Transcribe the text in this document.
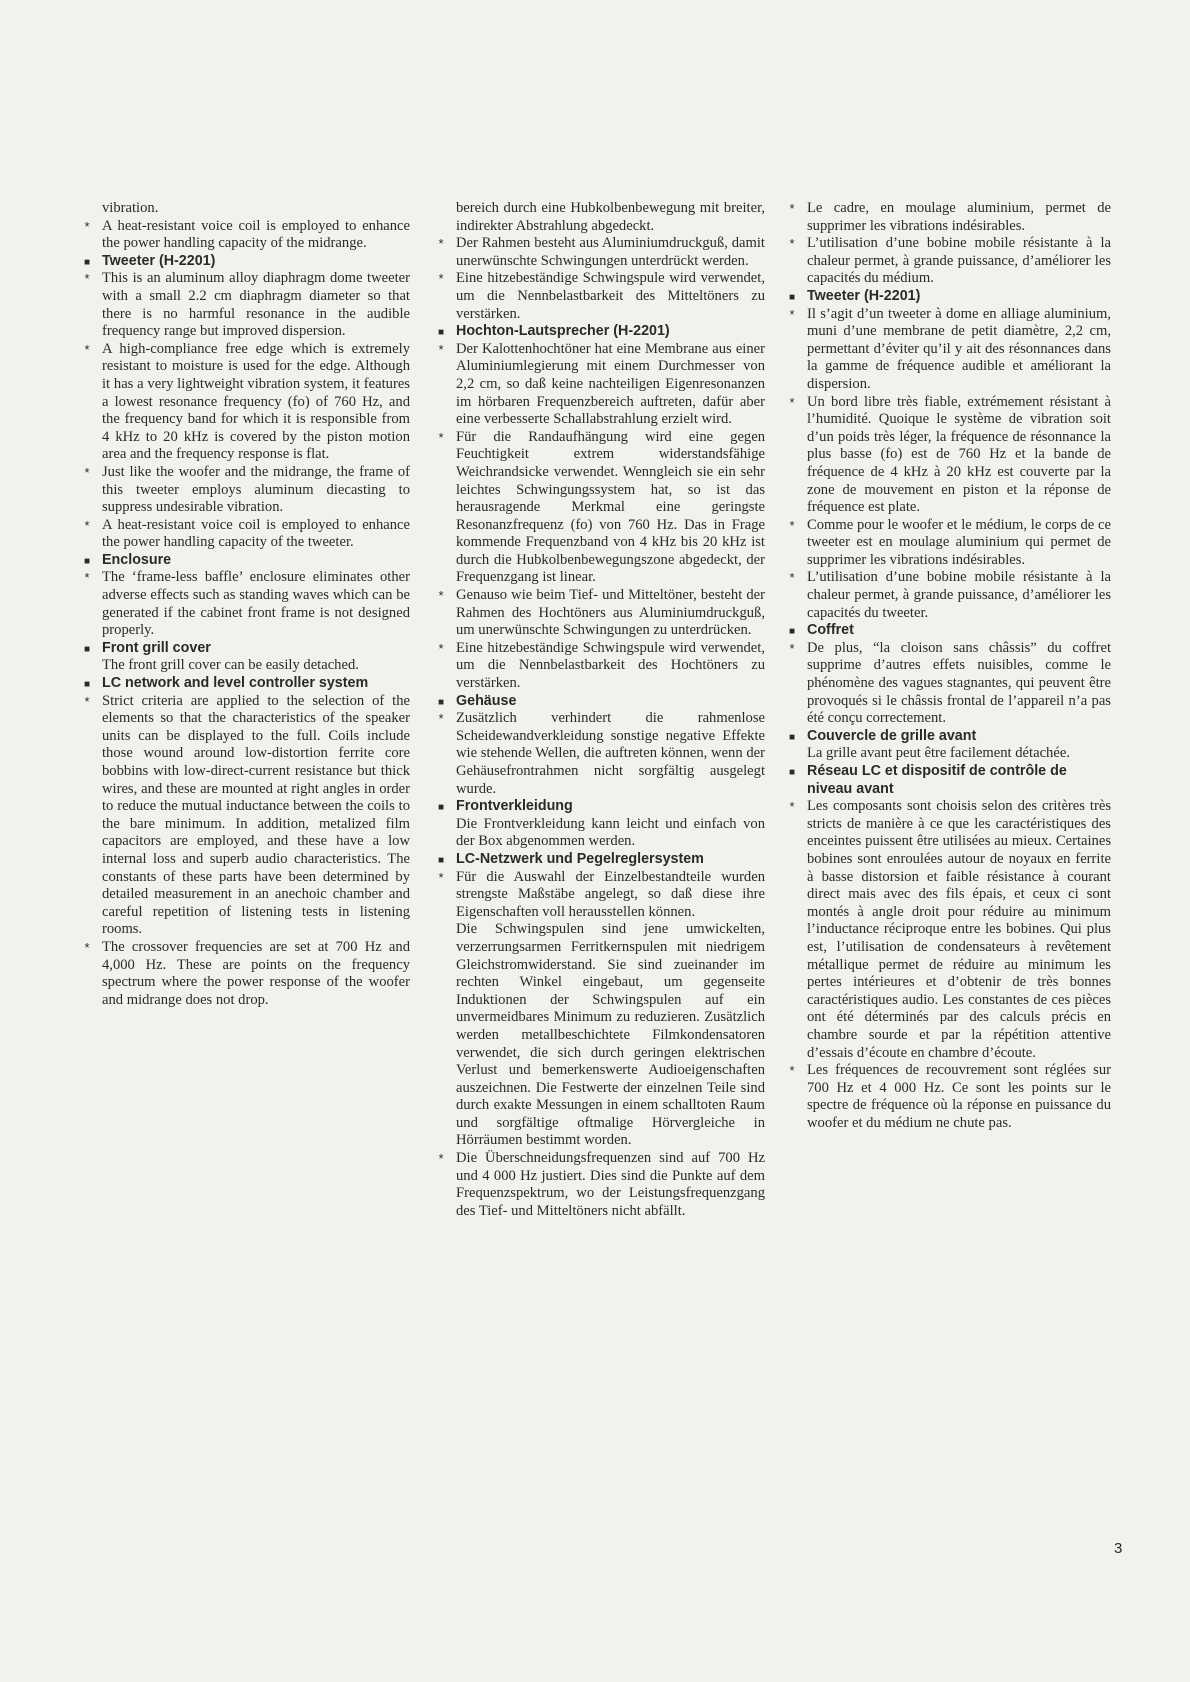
vibration.
* A heat-resistant voice coil is employed to enhance the power handling capacity of the midrange.
■ Tweeter (H-2201)
* This is an aluminum alloy diaphragm dome tweeter with a small 2.2 cm diaphragm diameter so that there is no harmful resonance in the audible frequency range but improved dispersion.
* A high-compliance free edge which is extremely resistant to moisture is used for the edge. Although it has a very lightweight vibration system, it features a lowest resonance frequency (fo) of 760 Hz, and the frequency band for which it is responsible from 4 kHz to 20 kHz is covered by the piston motion area and the frequency response is flat.
* Just like the woofer and the midrange, the frame of this tweeter employs aluminum diecasting to suppress undesirable vibration.
* A heat-resistant voice coil is employed to enhance the power handling capacity of the tweeter.
■ Enclosure
* The ‘frame-less baffle’ enclosure eliminates other adverse effects such as standing waves which can be generated if the cabinet front frame is not designed properly.
■ Front grill cover
The front grill cover can be easily detached.
■ LC network and level controller system
* Strict criteria are applied to the selection of the elements so that the characteristics of the speaker units can be displayed to the full. Coils include those wound around low-distortion ferrite core bobbins with low-direct-current resistance but thick wires, and these are mounted at right angles in order to reduce the mutual inductance between the coils to the bare minimum. In addition, metalized film capacitors are employed, and these have a low internal loss and superb audio characteristics. The constants of these parts have been determined by detailed measurement in an anechoic chamber and careful repetition of listening tests in listening rooms.
* The crossover frequencies are set at 700 Hz and 4,000 Hz. These are points on the frequency spectrum where the power response of the woofer and midrange does not drop.
bereich durch eine Hubkolbenbewegung mit breiter, indirekter Abstrahlung abgedeckt.
* Der Rahmen besteht aus Aluminiumdruckguß, damit unerwünschte Schwingungen unterdrückt werden.
* Eine hitzebeständige Schwingspule wird verwendet, um die Nennbelastbarkeit des Mitteltöners zu verstärken.
■ Hochton-Lautsprecher (H-2201)
* Der Kalottenhochtöner hat eine Membrane aus einer Aluminiumlegierung mit einem Durchmesser von 2,2 cm, so daß keine nachteiligen Eigenresonanzen im hörbaren Frequenzbereich auftreten, dafür aber eine verbesserte Schallabstrahlung erzielt wird.
* Für die Randaufhängung wird eine gegen Feuchtigkeit extrem widerstandsfähige Weichrandsicke verwendet. Wenngleich sie ein sehr leichtes Schwingungssystem hat, so ist das herausragende Merkmal eine geringste Resonanzfrequenz (fo) von 760 Hz. Das in Frage kommende Frequenzband von 4 kHz bis 20 kHz ist durch die Hubkolbenbewegungszone abgedeckt, der Frequenzgang ist linear.
* Genauso wie beim Tief- und Mitteltöner, besteht der Rahmen des Hochtöners aus Aluminiumdruckguß, um unerwünschte Schwingungen zu unterdrücken.
* Eine hitzebeständige Schwingspule wird verwendet, um die Nennbelastbarkeit des Hochtöners zu verstärken.
■ Gehäuse
* Zusätzlich verhindert die rahmenlose Scheidewandverkleidung sonstige negative Effekte wie stehende Wellen, die auftreten können, wenn der Gehäusefrontrahmen nicht sorgfältig ausgelegt wurde.
■ Frontverkleidung
Die Frontverkleidung kann leicht und einfach von der Box abgenommen werden.
■ LC-Netzwerk und Pegelreglersystem
* Für die Auswahl der Einzelbestandteile wurden strengste Maßstäbe angelegt, so daß diese ihre Eigenschaften voll herausstellen können.
Die Schwingspulen sind jene umwickelten, verzerrungsarmen Ferritkernspulen mit niedrigem Gleichstromwiderstand. Sie sind zueinander im rechten Winkel eingebaut, um gegenseite Induktionen der Schwingspulen auf ein unvermeidbares Minimum zu reduzieren. Zusätzlich werden metallbeschichtete Filmkondensatoren verwendet, die sich durch geringen elektrischen Verlust und bemerkenswerte Audioeigenschaften auszeichnen. Die Festwerte der einzelnen Teile sind durch exakte Messungen in einem schalltoten Raum und sorgfältige oftmalige Hörvergleiche in Hörräumen bestimmt worden.
* Die Überschneidungsfrequenzen sind auf 700 Hz und 4 000 Hz justiert. Dies sind die Punkte auf dem Frequenzspektrum, wo der Leistungsfrequenzgang des Tief- und Mitteltöners nicht abfällt.
* Le cadre, en moulage aluminium, permet de supprimer les vibrations indésirables.
* L’utilisation d’une bobine mobile résistante à la chaleur permet, à grande puissance, d’améliorer les capacités du médium.
■ Tweeter (H-2201)
* Il s’agit d’un tweeter à dome en alliage aluminium, muni d’une membrane de petit diamètre, 2,2 cm, permettant d’éviter qu’il y ait des résonnances dans la gamme de fréquence audible et améliorant la dispersion.
* Un bord libre très fiable, extrémement résistant à l’humidité. Quoique le système de vibration soit d’un poids très léger, la fréquence de résonnance la plus basse (fo) est de 760 Hz et la bande de fréquence de 4 kHz à 20 kHz est couverte par la zone de mouvement en piston et la réponse de fréquence est plate.
* Comme pour le woofer et le médium, le corps de ce tweeter est en moulage aluminium qui permet de supprimer les vibrations indésirables.
* L’utilisation d’une bobine mobile résistante à la chaleur permet, à grande puissance, d’améliorer les capacités du tweeter.
■ Coffret
* De plus, “la cloison sans châssis” du coffret supprime d’autres effets nuisibles, comme le phénomène des vagues stagnantes, qui peuvent être provoqués si le châssis frontal de l’appareil n’a pas été conçu correctement.
■ Couvercle de grille avant
La grille avant peut être facilement détachée.
■ Réseau LC et dispositif de contrôle de niveau avant
* Les composants sont choisis selon des critères très stricts de manière à ce que les caractéristiques des enceintes puissent être utilisées au mieux. Certaines bobines sont enroulées autour de noyaux en ferrite à basse distorsion et faible résistance à courant direct mais avec des fils épais, et ceux ci sont montés à angle droit pour réduire au minimum l’inductance réciproque entre les bobines. Qui plus est, l’utilisation de condensateurs à revêtement métallique permet de réduire au minimum les pertes intérieures et d’obtenir de très bonnes caractéristiques audio. Les constantes de ces pièces ont été déterminés par des calculs précis en chambre sourde et par la répétition attentive d’essais d’écoute en chambre d’écoute.
* Les fréquences de recouvrement sont réglées sur 700 Hz et 4 000 Hz. Ce sont les points sur le spectre de fréquence où la réponse en puissance du woofer et du médium ne chute pas.
3
